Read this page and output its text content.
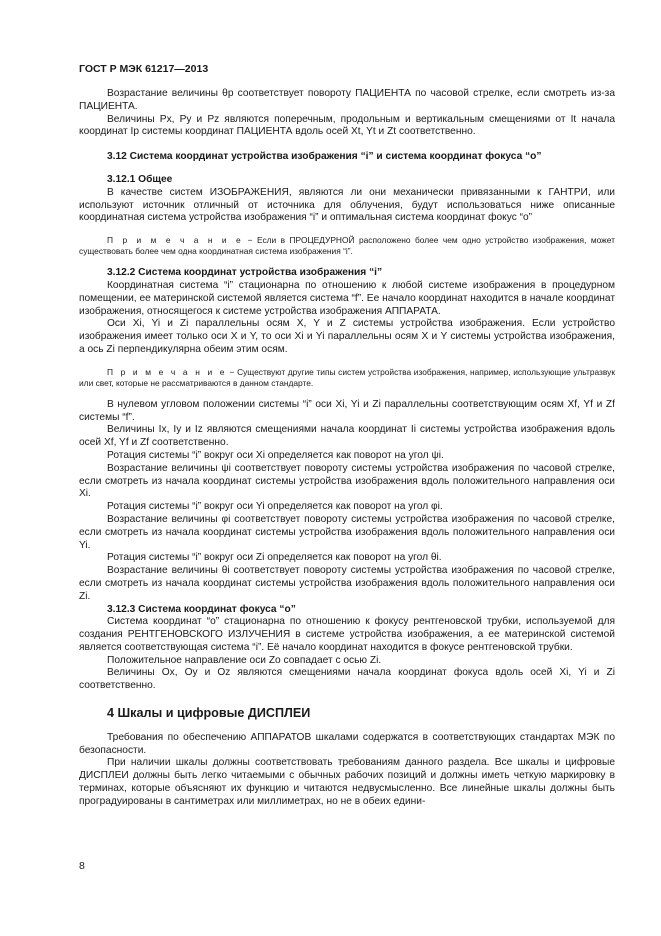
ГОСТ Р МЭК 61217—2013
Возрастание величины θр соответствует повороту ПАЦИЕНТА по часовой стрелке, если смотреть из-за ПАЦИЕНТА.
Величины Px, Py и Pz являются поперечным, продольным и вертикальным смещениями от It начала координат Ip системы координат ПАЦИЕНТА вдоль осей Xt, Yt и Zt соответственно.
3.12 Система координат устройства изображения “i” и система координат фокуса “o”
3.12.1 Общее
В качестве систем ИЗОБРАЖЕНИЯ, являются ли они механически привязанными к ГАНТРИ, или используют источник отличный от источника для облучения, будут использоваться ниже описанные координатная система устройства изображения “i” и оптимальная система координат фокус “о”
П р и м е ч а н и е − Если в ПРОЦЕДУРНОЙ расположено более чем одно устройство изображения, может существовать более чем одна координатная система изображения “i”.
3.12.2 Система координат устройства изображения “i”
Координатная система “i” стационарна по отношению к любой системе изображения в процедурном помещении, ее материнской системой является система “f”. Ее начало координат находится в начале координат изображения, относящегося к системе устройства изображения АППАРАТА.
Оси Xi, Yi и Zi параллельны осям X, Y и Z системы устройства изображения. Если устройство изображения имеет только оси X и Y, то оси Xi и Yi параллельны осям X и Y системы устройства изображения, а ось Zi перпендикулярна обеим этим осям.
П р и м е ч а н и е − Существуют другие типы систем устройства изображения, например, использующие ультразвук или свет, которые не рассматриваются в данном стандарте.
В нулевом угловом положении системы “i” оси Xi, Yi и Zi параллельны соответствующим осям Xf, Yf и Zf системы “f”.
Величины Ix, Iy и Iz являются смещениями начала координат Ii системы устройства изображения вдоль осей Xf, Yf и Zf соответственно.
Ротация системы “i” вокруг оси Xi определяется как поворот на угол ψi.
Возрастание величины ψi соответствует повороту системы устройства изображения по часовой стрелке, если смотреть из начала координат системы устройства изображения вдоль положительного направления оси Xi.
Ротация системы “i” вокруг оси Yi определяется как поворот на угол φi.
Возрастание величины φi соответствует повороту системы устройства изображения по часовой стрелке, если смотреть из начала координат системы устройства изображения вдоль положительного направления оси Yi.
Ротация системы “i” вокруг оси Zi определяется как поворот на угол θi.
Возрастание величины θi соответствует повороту системы устройства изображения по часовой стрелке, если смотреть из начала координат системы устройства изображения вдоль положительного направления оси Zi.
3.12.3 Система координат фокуса “о”
Система координат “о” стационарна по отношению к фокусу рентгеновской трубки, используемой для создания РЕНТГЕНОВСКОГО ИЗЛУЧЕНИЯ в системе устройства изображения, а ее материнской системой является соответствующая система “i”. Её начало координат находится в фокусе рентгеновской трубки.
Положительное направление оси Zo совпадает с осью Zi.
Величины Ox, Oy и Oz являются смещениями начала координат фокуса вдоль осей Xi, Yi и Zi соответственно.
4 Шкалы и цифровые ДИСПЛЕИ
Требования по обеспечению АППАРАТОВ шкалами содержатся в соответствующих стандартах МЭК по безопасности.
При наличии шкалы должны соответствовать требованиям данного раздела. Все шкалы и цифровые ДИСПЛЕИ должны быть легко читаемыми с обычных рабочих позиций и должны иметь четкую маркировку в терминах, которые объясняют их функцию и читаются недвусмысленно. Все линейные шкалы должны быть проградуированы в сантиметрах или миллиметрах, но не в обеих едини-
8
